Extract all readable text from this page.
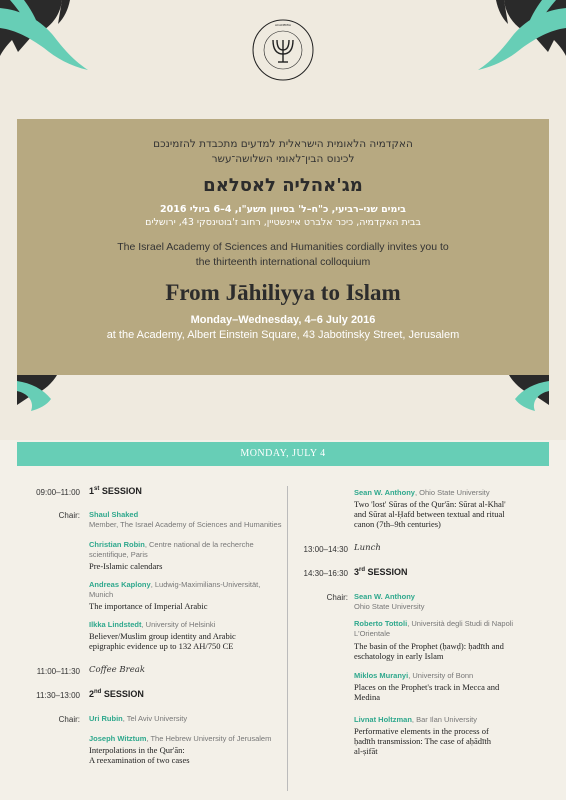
ACADEMIA
האקדמיה הלאומית הישראלית למדעים מתכבדת להזמינכם
לכינוס הבין־לאומי השלושה־עשר
מג'אהליה לאסלאם
בימים שני–רביעי, כ"ח–ל' בסיוון תשע"ו, 4–6 ביולי 2016
בבית האקדמיה, כיכר אלברט איינשטיין, רחוב ז'בוטינסקי 43, ירושלים
The Israel Academy of Sciences and Humanities cordially invites you to
the thirteenth international colloquium
From Jāhiliyya to Islam
Monday–Wednesday, 4–6 July 2016
at the Academy, Albert Einstein Square, 43 Jabotinsky Street, Jerusalem
MONDAY, JULY 4
09:00–11:00 1st SESSION
Chair: Shaul Shaked
Member, The Israel Academy of Sciences and Humanities
Christian Robin, Centre national de la recherche
scientifique, Paris
Pre-Islamic calendars
Andreas Kaplony, Ludwig-Maximilians-Universität,
Munich
The importance of Imperial Arabic
Ilkka Lindstedt, University of Helsinki
Believer/Muslim group identity and Arabic
epigraphic evidence up to 132 AH/750 CE
11:00–11:30 Coffee Break
11:30–13:00 2nd SESSION
Chair: Uri Rubin, Tel Aviv University
Joseph Witztum, The Hebrew University of Jerusalem
Interpolations in the Qur'ān:
A reexamination of two cases
Sean W. Anthony, Ohio State University
Two 'lost' Sūras of the Qur'ān: Sūrat al-Khal'
and Sūrat al-Ḥafd between textual and ritual
canon (7th–9th centuries)
13:00–14:30 Lunch
14:30–16:30 3rd SESSION
Chair: Sean W. Anthony
Ohio State University
Roberto Tottoli, Università degli Studi di Napoli
L'Orientale
The basin of the Prophet (ḥawḍ): ḥadīth and
eschatology in early Islam
Miklos Muranyi, University of Bonn
Places on the Prophet's track in Mecca and
Medina
Livnat Holtzman, Bar Ilan University
Performative elements in the process of
ḥadīth transmission: The case of aḥādīth
al-ṣifāt
